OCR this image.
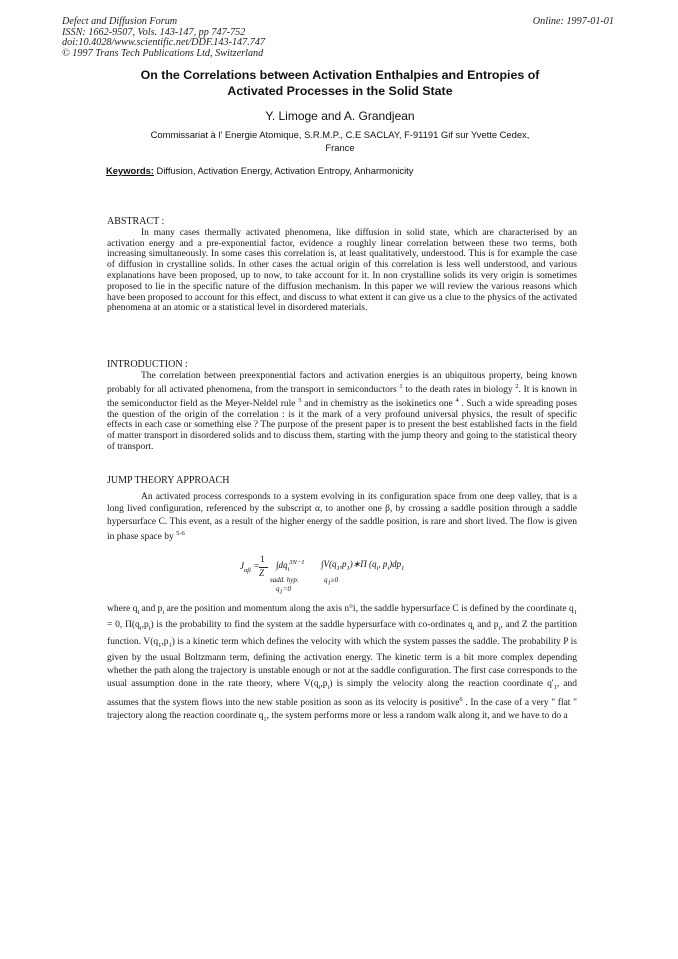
Defect and Diffusion Forum
ISSN: 1662-9507, Vols. 143-147, pp 747-752
doi:10.4028/www.scientific.net/DDF.143-147.747
© 1997 Trans Tech Publications Ltd, Switzerland
Online: 1997-01-01
On the Correlations between Activation Enthalpies and Entropies of
Activated Processes in the Solid State
Y. Limoge and A. Grandjean
Commissariat à l' Energie Atomique, S.R.M.P., C.E SACLAY, F-91191 Gif sur Yvette Cedex,
France
Keywords: Diffusion, Activation Energy, Activation Entropy, Anharmonicity
ABSTRACT :
In many cases thermally activated phenomena, like diffusion in solid state, which are characterised by an activation energy and a pre-exponential factor, evidence a roughly linear correlation between these two terms, both increasing simultaneously. In some cases this correlation is, at least qualitatively, understood. This is for example the case of diffusion in crystalline solids. In other cases the actual origin of this correlation is less well understood, and various explanations have been proposed, up to now, to take account for it. In non crystalline solids its very origin is sometimes proposed to lie in the specific nature of the diffusion mechanism. In this paper we will review the various reasons which have been proposed to account for this effect, and discuss to what extent it can give us a clue to the physics of the activated phenomena at an atomic or a statistical level in disordered materials.
INTRODUCTION :
The correlation between preexponential factors and activation energies is an ubiquitous property, being known probably for all activated phenomena, from the transport in semiconductors $^1$ to the death rates in biology $^2$. It is known in the semiconductor field as the Meyer-Neldel rule $^3$ and in chemistry as the isokinetics one $^4$ . Such a wide spreading poses the question of the origin of the correlation : is it the mark of a very profound universal physics, the result of specific effects in each case or something else ? The purpose of the present paper is to present the best established facts in the field of matter transport in disordered solids and to discuss them, starting with the jump theory and going to the statistical theory of transport.
JUMP THEORY APPROACH
An activated process corresponds to a system evolving in its configuration space from one deep valley, that is a long lived configuration, referenced by the subscript α, to another one β, by crossing a saddle position through a saddle hypersurface C. This event, as a result of the higher energy of the saddle position, is rare and short lived. The flow is given in phase space by $^{5-6}$
$J_{\alpha\beta}$ =
1
Z
$\int dq_i^{3N-1}$ $\int V(q_1,p_1)∗\Pi$ ($q_i$, $p_i)dp_1$
sadd. hyp.
$q_1=0$
$q_1\ge 0$
where $q_i$ and $p_i$ are the position and momentum along the axis n°i, the saddle hypersurface C is defined by the coordinate $q_1 = 0$, $\Pi(q_i,p_i)$ is the probability to find the system at the saddle hypersurface with co-ordinates $q_i$ and $p_i$, and Z the partition function. $V(q_1,p_1)$ is a kinetic term which defines the velocity with which the system passes the saddle. The probability P is given by the usual Boltzmann term, defining the activation energy. The kinetic term is a bit more complex depending whether the path along the trajectory is unstable enough or not at the saddle configuration. The first case corresponds to the usual assumption done in the rate theory, where $V(q_i,p_i)$ is simply the velocity along the reaction coordinate $q'_1$, and assumes that the system flows into the new stable position as soon as its velocity is positive$^6$ . In the case of a very " flat " trajectory along the reaction coordinate $q_1$, the system performs more or less a random walk along it, and we have to do a
